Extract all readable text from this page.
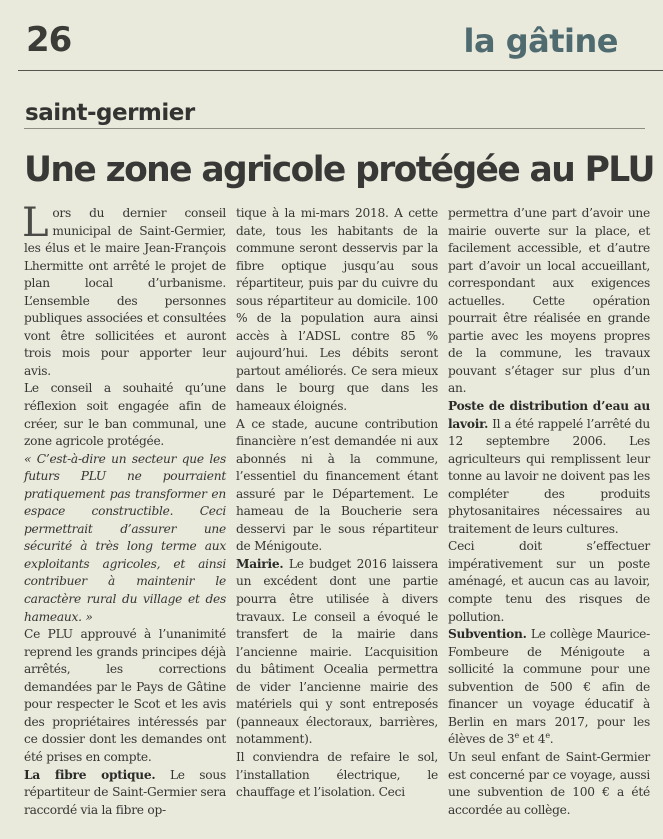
26	la gâtine
saint-germier
Une zone agricole protégée au PLU

Lors du dernier conseil municipal de Saint-Germier, les élus et le maire Jean-François Lhermitte ont arrêté le projet de plan local d’urbanisme. L’ensemble des personnes publiques associées et consultées vont être sollicitées et auront trois mois pour apporter leur avis.

Le conseil a souhaité qu’une réflexion soit engagée afin de créer, sur le ban communal, une zone agricole protégée.

« C’est-à-dire un secteur que les futurs PLU ne pourraient pratiquement pas transformer en espace constructible. Ceci permettrait d’assurer une sécurité à très long terme aux exploitants agricoles, et ainsi contribuer à maintenir le caractère rural du village et des hameaux. »

Ce PLU approuvé à l’unanimité reprend les grands principes déjà arrêtés, les corrections demandées par le Pays de Gâtine pour respecter le Scot et les avis des propriétaires intéressés par ce dossier dont les demandes ont été prises en compte.

La fibre optique. Le sous répartiteur de Saint-Germier sera raccordé via la fibre op-

tique à la mi-mars 2018. A cette date, tous les habitants de la commune seront desservis par la fibre optique jusqu’au sous répartiteur, puis par du cuivre du sous répartiteur au domicile. 100 % de la population aura ainsi accès à l’ADSL contre 85 % aujourd’hui. Les débits seront partout améliorés. Ce sera mieux dans le bourg que dans les hameaux éloignés.

A ce stade, aucune contribution financière n’est demandée ni aux abonnés ni à la commune, l’essentiel du financement étant assuré par le Département. Le hameau de la Boucherie sera desservi par le sous répartiteur de Ménigoute.

Mairie. Le budget 2016 laissera un excédent dont une partie pourra être utilisée à divers travaux. Le conseil a évoqué le transfert de la mairie dans l’ancienne mairie. L’acquisition du bâtiment Ocealia permettra de vider l’ancienne mairie des matériels qui y sont entreposés (panneaux électoraux, barrières, notamment).

Il conviendra de refaire le sol, l’installation électrique, le chauffage et l’isolation. Ceci

permettra d’une part d’avoir une mairie ouverte sur la place, et facilement accessible, et d’autre part d’avoir un local accueillant, correspondant aux exigences actuelles. Cette opération pourrait être réalisée en grande partie avec les moyens propres de la commune, les travaux pouvant s’étager sur plus d’un an.

Poste de distribution d’eau au lavoir. Il a été rappelé l’arrêté du 12 septembre 2006. Les agriculteurs qui remplissent leur tonne au lavoir ne doivent pas les compléter des produits phytosanitaires nécessaires au traitement de leurs cultures.

Ceci doit s’effectuer impérativement sur un poste aménagé, et aucun cas au lavoir, compte tenu des risques de pollution.

Subvention. Le collège Maurice-Fombeure de Ménigoute a sollicité la commune pour une subvention de 500 € afin de financer un voyage éducatif à Berlin en mars 2017, pour les élèves de 3e et 4e.

Un seul enfant de Saint-Germier est concerné par ce voyage, aussi une subvention de 100 € a été accordée au collège.
